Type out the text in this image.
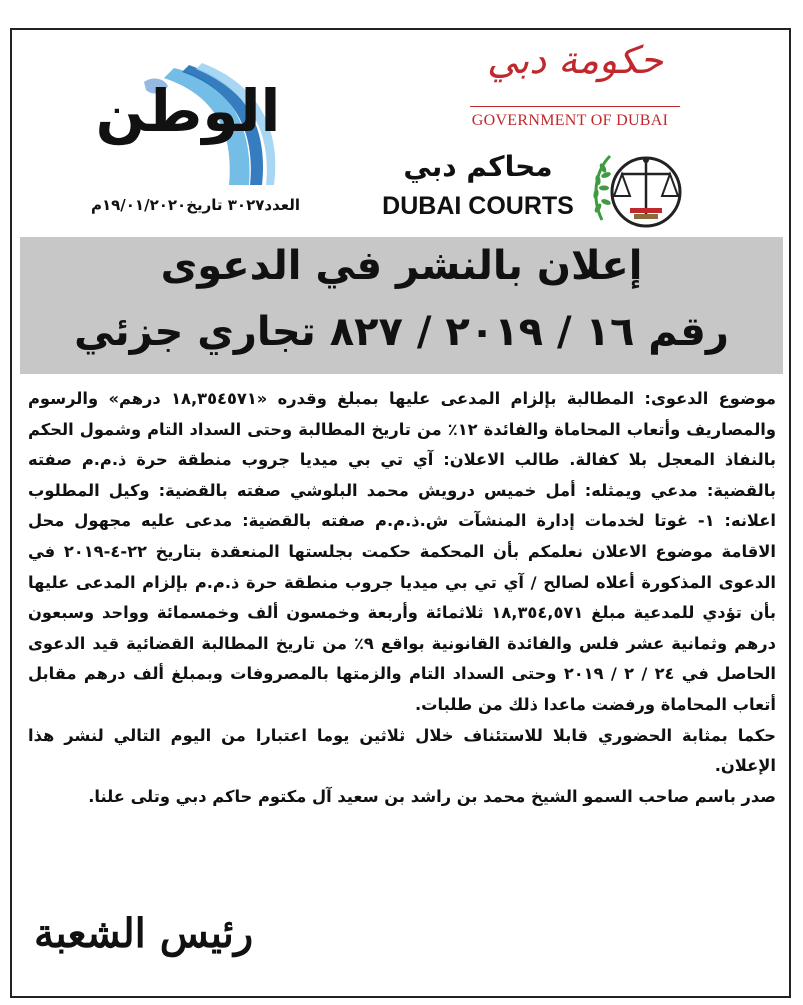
الوطن
العدد٣٠٢٧ تاريخ١٩/٠١/٢٠٢٠م
حكومة دبي
GOVERNMENT OF DUBAI
محاكم دبي
DUBAI COURTS
إعلان بالنشر في الدعوى
رقم ١٦ / ٢٠١٩ / ٨٢٧ تجاري جزئي

موضوع الدعوى: المطالبة بإلزام المدعى عليها بمبلغ وقدره «١٨,٣٥٤٥٧١ درهم» والرسوم والمصاريف وأتعاب المحاماة والفائدة ١٢٪ من تاريخ المطالبة وحتى السداد التام وشمول الحكم بالنفاذ المعجل بلا كفالة. طالب الاعلان: آي تي بي ميديا جروب منطقة حرة ذ.م.م صفته بالقضية: مدعي ويمثله: أمل خميس درويش محمد البلوشي صفته بالقضية: وكيل المطلوب اعلانه: ١- غوتا لخدمات إدارة المنشآت ش.ذ.م.م صفته بالقضية: مدعى عليه مجهول محل الاقامة موضوع الاعلان نعلمكم بأن المحكمة حكمت بجلستها المنعقدة بتاريخ ٢٢-٤-٢٠١٩ في الدعوى المذكورة أعلاه لصالح / آي تي بي ميديا جروب منطقة حرة ذ.م.م بإلزام المدعى عليها بأن تؤدي للمدعية مبلغ ١٨,٣٥٤,٥٧١ ثلاثمائة وأربعة وخمسون ألف وخمسمائة وواحد وسبعون درهم وثمانية عشر فلس والفائدة القانونية بواقع ٩٪ من تاريخ المطالبة القضائية قيد الدعوى الحاصل في ٢٤ / ٢ / ٢٠١٩ وحتى السداد التام والزمتها بالمصروفات وبمبلغ ألف درهم مقابل أتعاب المحاماة ورفضت ماعدا ذلك من طلبات.

حكما بمثابة الحضوري قابلا للاستئناف خلال ثلاثين يوما اعتبارا من اليوم التالي لنشر هذا الإعلان.

صدر باسم صاحب السمو الشيخ محمد بن راشد بن سعيد آل مكتوم حاكم دبي وتلى علنا.

رئيس الشعبة
